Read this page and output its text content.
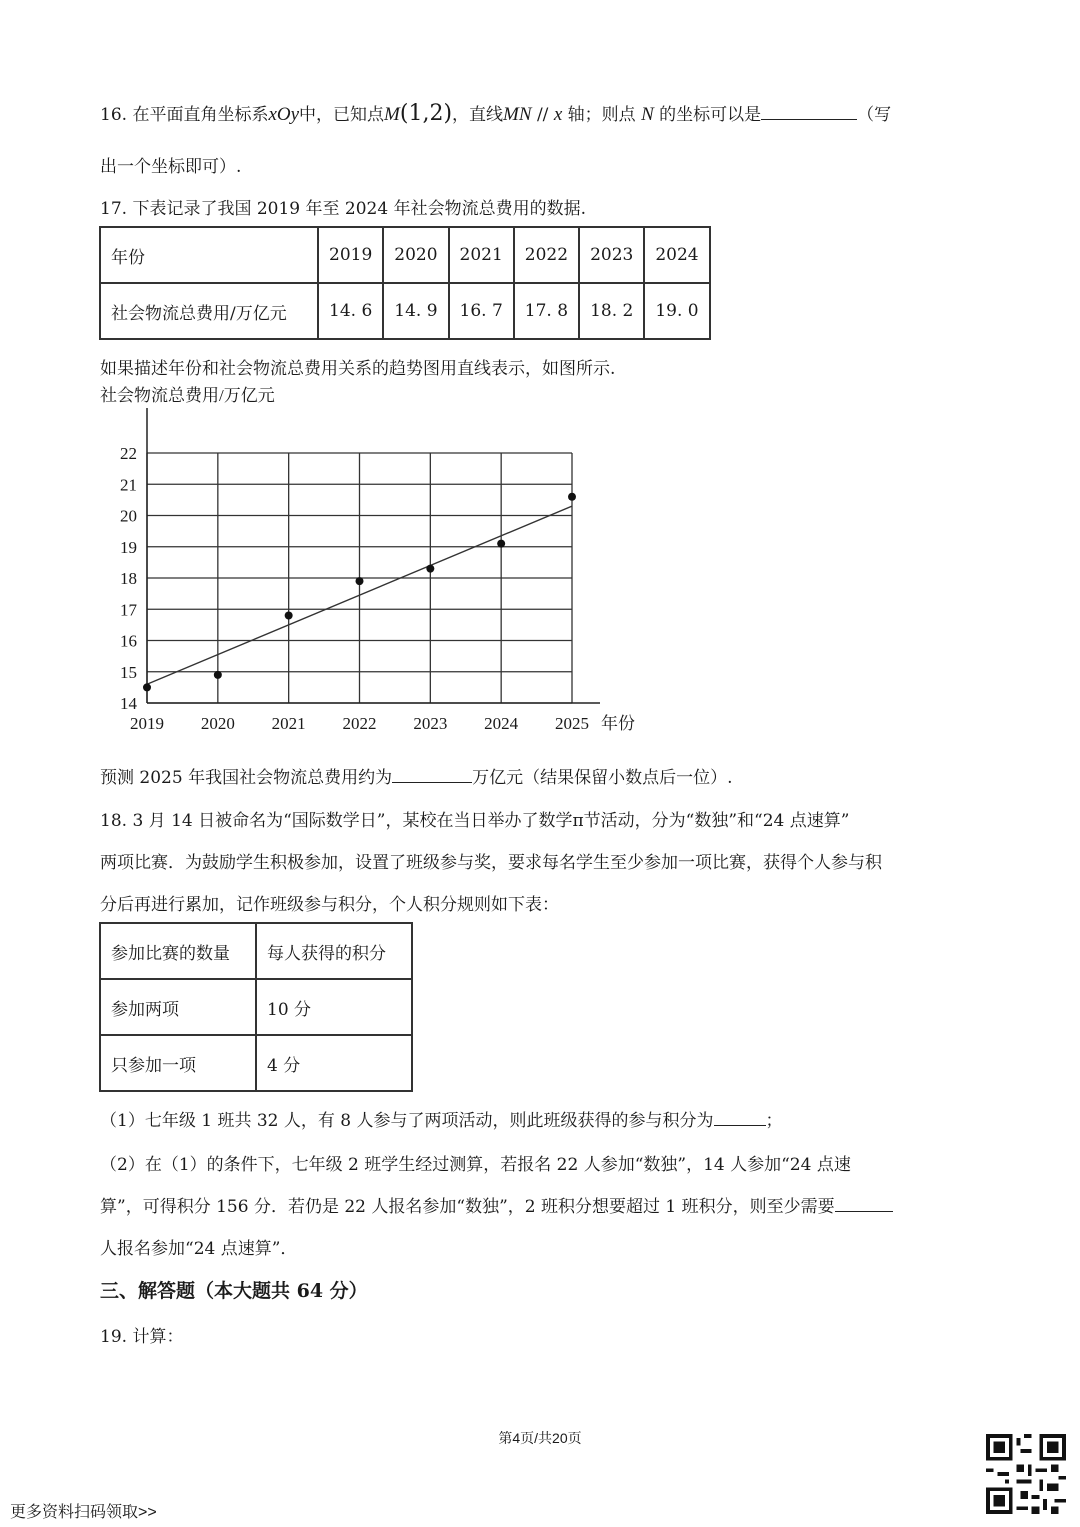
16. 在平面直角坐标系xOy中，已知点M(1,2)，直线MN // x 轴；则点 N 的坐标可以是	（写
出一个坐标即可）.
17. 下表记录了我国 2019 年至 2024 年社会物流总费用的数据.
年份	2019	2020	2021	2022	2023	2024
社会物流总费用/万亿元	14. 6	14. 9	16. 7	17. 8	18. 2	19. 0
如果描述年份和社会物流总费用关系的趋势图用直线表示，如图所示.
14
15
16
17
18
19
20
21
22
2019 2020 2021 2022 2023 2024 2025
社会物流总费用/万亿元
年份
预测 2025 年我国社会物流总费用约为	万亿元（结果保留小数点后一位）.
18. 3 月 14 日被命名为“国际数学日”，某校在当日举办了数学π节活动，分为“数独”和“24 点速算”
两项比赛．为鼓励学生积极参加，设置了班级参与奖，要求每名学生至少参加一项比赛，获得个人参与积
分后再进行累加，记作班级参与积分，个人积分规则如下表：
参加比赛的数量	每人获得的积分
参加两项	10 分
只参加一项	4 分
（1）七年级 1 班共 32 人，有 8 人参与了两项活动，则此班级获得的参与积分为	；
（2）在（1）的条件下，七年级 2 班学生经过测算，若报名 22 人参加“数独”，14 人参加“24 点速
算”，可得积分 156 分．若仍是 22 人报名参加“数独”，2 班积分想要超过 1 班积分，则至少需要
人报名参加“24 点速算”．
三、解答题（本大题共 64 分）
19. 计算：
第4页/共20页
更多资料扫码领取>>
